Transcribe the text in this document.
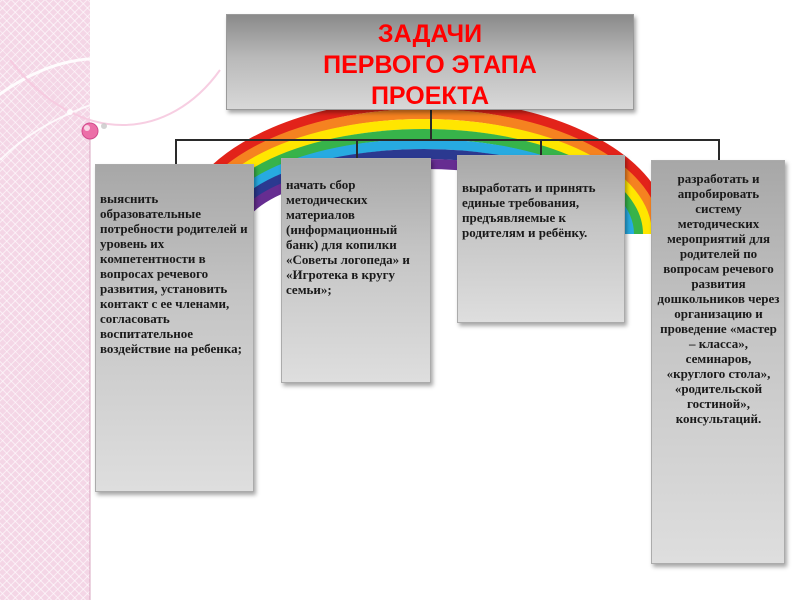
ЗАДАЧИ
ПЕРВОГО ЭТАПА
ПРОЕКТА
выяснить образовательные потребности родителей и уровень их компетентности в вопросах речевого развития, установить контакт с ее членами, согласовать воспитательное воздействие на ребенка;
начать сбор методических материалов (информационный банк) для копилки «Советы логопеда» и «Игротека в кругу семьи»;
выработать и принять единые требования, предъявляемые к родителям и ребёнку.
разработать и апробировать систему методических мероприятий для родителей по вопросам речевого развития дошкольников через организацию и проведение «мастер – класса», семинаров, «круглого стола», «родительской гостиной», консультаций.
